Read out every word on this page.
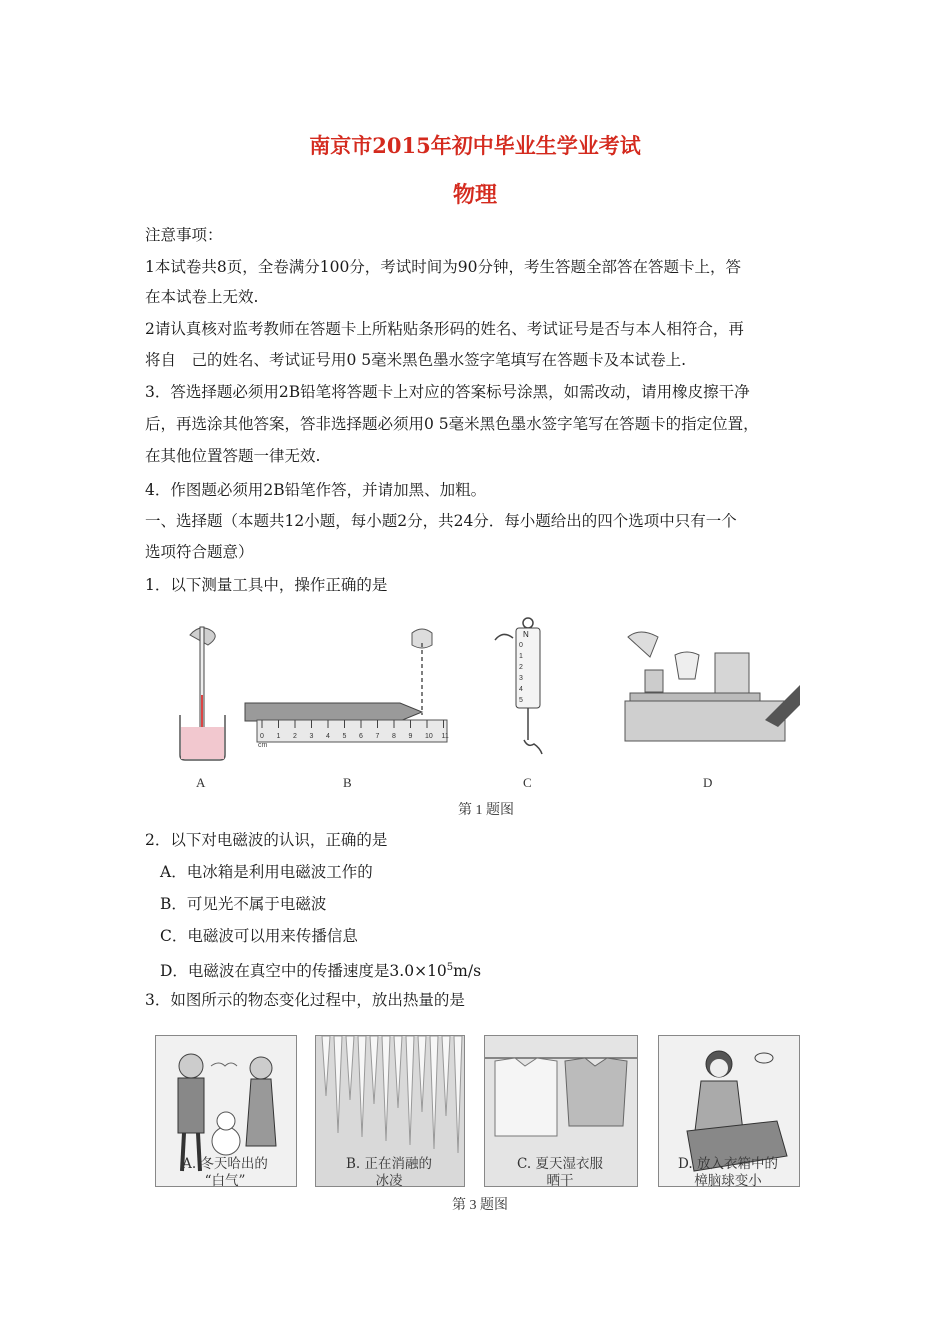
南京市2015年初中毕业生学业考试
物理
注意事项：
1本试卷共8页，全卷满分100分，考试时间为90分钟，考生答题全部答在答题卡上，答
在本试卷上无效.
2请认真核对监考教师在答题卡上所粘贴条形码的姓名、考试证号是否与本人相符合，再
将自　己的姓名、考试证号用0 5毫米黑色墨水签字笔填写在答题卡及本试卷上.
3．答选择题必须用2B铅笔将答题卡上对应的答案标号涂黑，如需改动，请用橡皮擦干净
后，再选涂其他答案，答非选择题必须用0 5毫米黑色墨水签字笔写在答题卡的指定位置，
在其他位置答题一律无效.
4．作图题必须用2B铅笔作答，并请加黑、加粗。
一、选择题（本题共12小题，每小题2分，共24分．每小题给出的四个选项中只有一个
选项符合题意）
1．以下测量工具中，操作正确的是
0 1 2 3 4 5 6 7 8 9 10 11
cm
N
0
1
2
3
4
5
A	B	C	D
第 1 题图
2．以下对电磁波的认识，正确的是
A．电冰箱是利用电磁波工作的
B．可见光不属于电磁波
C．电磁波可以用来传播信息
D．电磁波在真空中的传播速度是$3.0\times 10^5m/s$
3．如图所示的物态变化过程中，放出热量的是
A. 冬天哈出的
“白气”
B. 正在消融的
冰凌
C. 夏天湿衣服
晒干
D. 放入衣箱中的
樟脑球变小
第 3 题图
